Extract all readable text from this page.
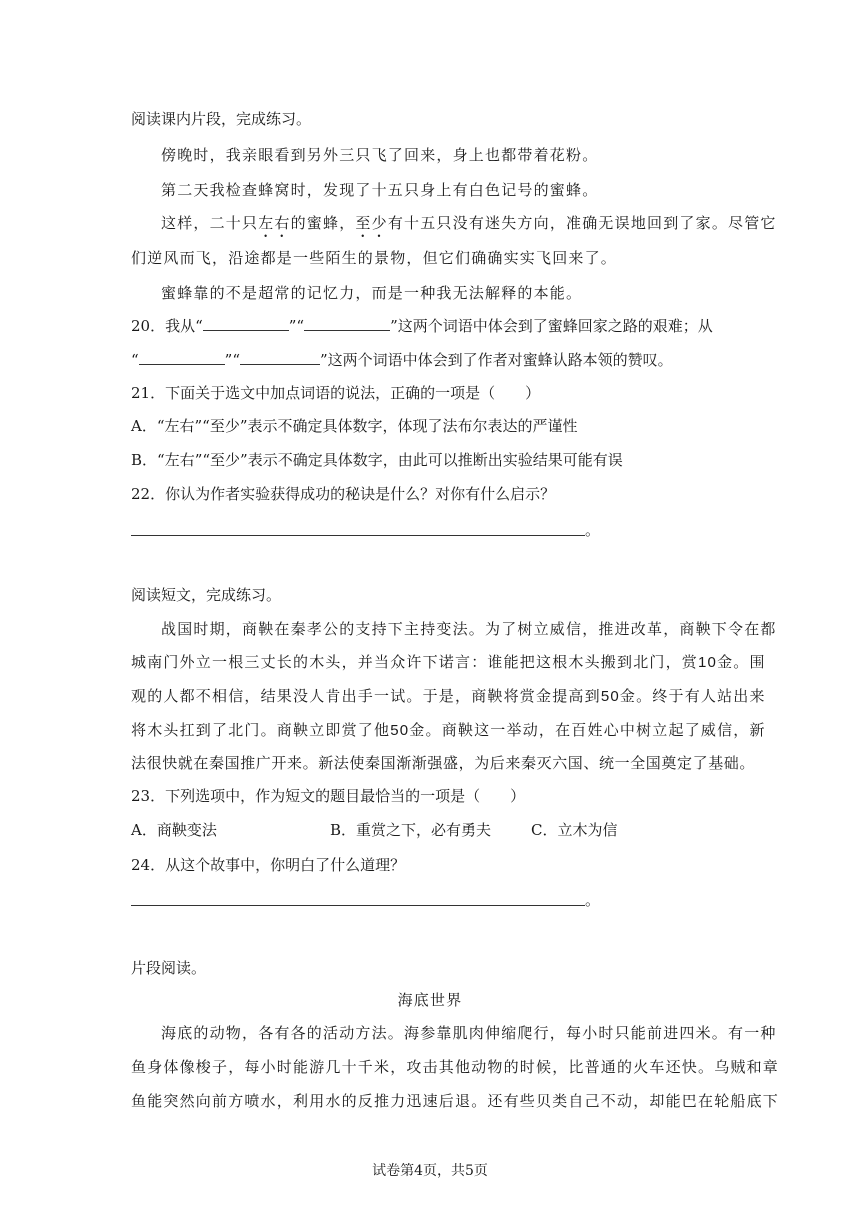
阅读课内片段，完成练习。
傍晚时，我亲眼看到另外三只飞了回来，身上也都带着花粉。
第二天我检查蜂窝时，发现了十五只身上有白色记号的蜜蜂。
这样，二十只左右的蜜蜂，至少有十五只没有迷失方向，准确无误地回到了家。尽管它
们逆风而飞，沿途都是一些陌生的景物，但它们确确实实飞回来了。
蜜蜂靠的不是超常的记忆力，而是一种我无法解释的本能。
20．我从“	”“	”这两个词语中体会到了蜜蜂回家之路的艰难；从
“	”“	”这两个词语中体会到了作者对蜜蜂认路本领的赞叹。
21．下面关于选文中加点词语的说法，正确的一项是（ ）
A．“左右”“至少”表示不确定具体数字，体现了法布尔表达的严谨性
B．“左右”“至少”表示不确定具体数字，由此可以推断出实验结果可能有误
22．你认为作者实验获得成功的秘诀是什么？对你有什么启示？
。
阅读短文，完成练习。
战国时期，商鞅在秦孝公的支持下主持变法。为了树立威信，推进改革，商鞅下令在都
城南门外立一根三丈长的木头，并当众许下诺言：谁能把这根木头搬到北门，赏10金。围
观的人都不相信，结果没人肯出手一试。于是，商鞅将赏金提高到50金。终于有人站出来
将木头扛到了北门。商鞅立即赏了他50金。商鞅这一举动，在百姓心中树立起了威信，新
法很快就在秦国推广开来。新法使秦国渐渐强盛，为后来秦灭六国、统一全国奠定了基础。
23．下列选项中，作为短文的题目最恰当的一项是（ ）
A．商鞅变法	B．重赏之下，必有勇夫	C．立木为信
24．从这个故事中，你明白了什么道理？
。
片段阅读。
海底世界
海底的动物，各有各的活动方法。海参靠肌肉伸缩爬行，每小时只能前进四米。有一种
鱼身体像梭子，每小时能游几十千米，攻击其他动物的时候，比普通的火车还快。乌贼和章
鱼能突然向前方喷水，利用水的反推力迅速后退。还有些贝类自己不动，却能巴在轮船底下
试卷第4页，共5页
